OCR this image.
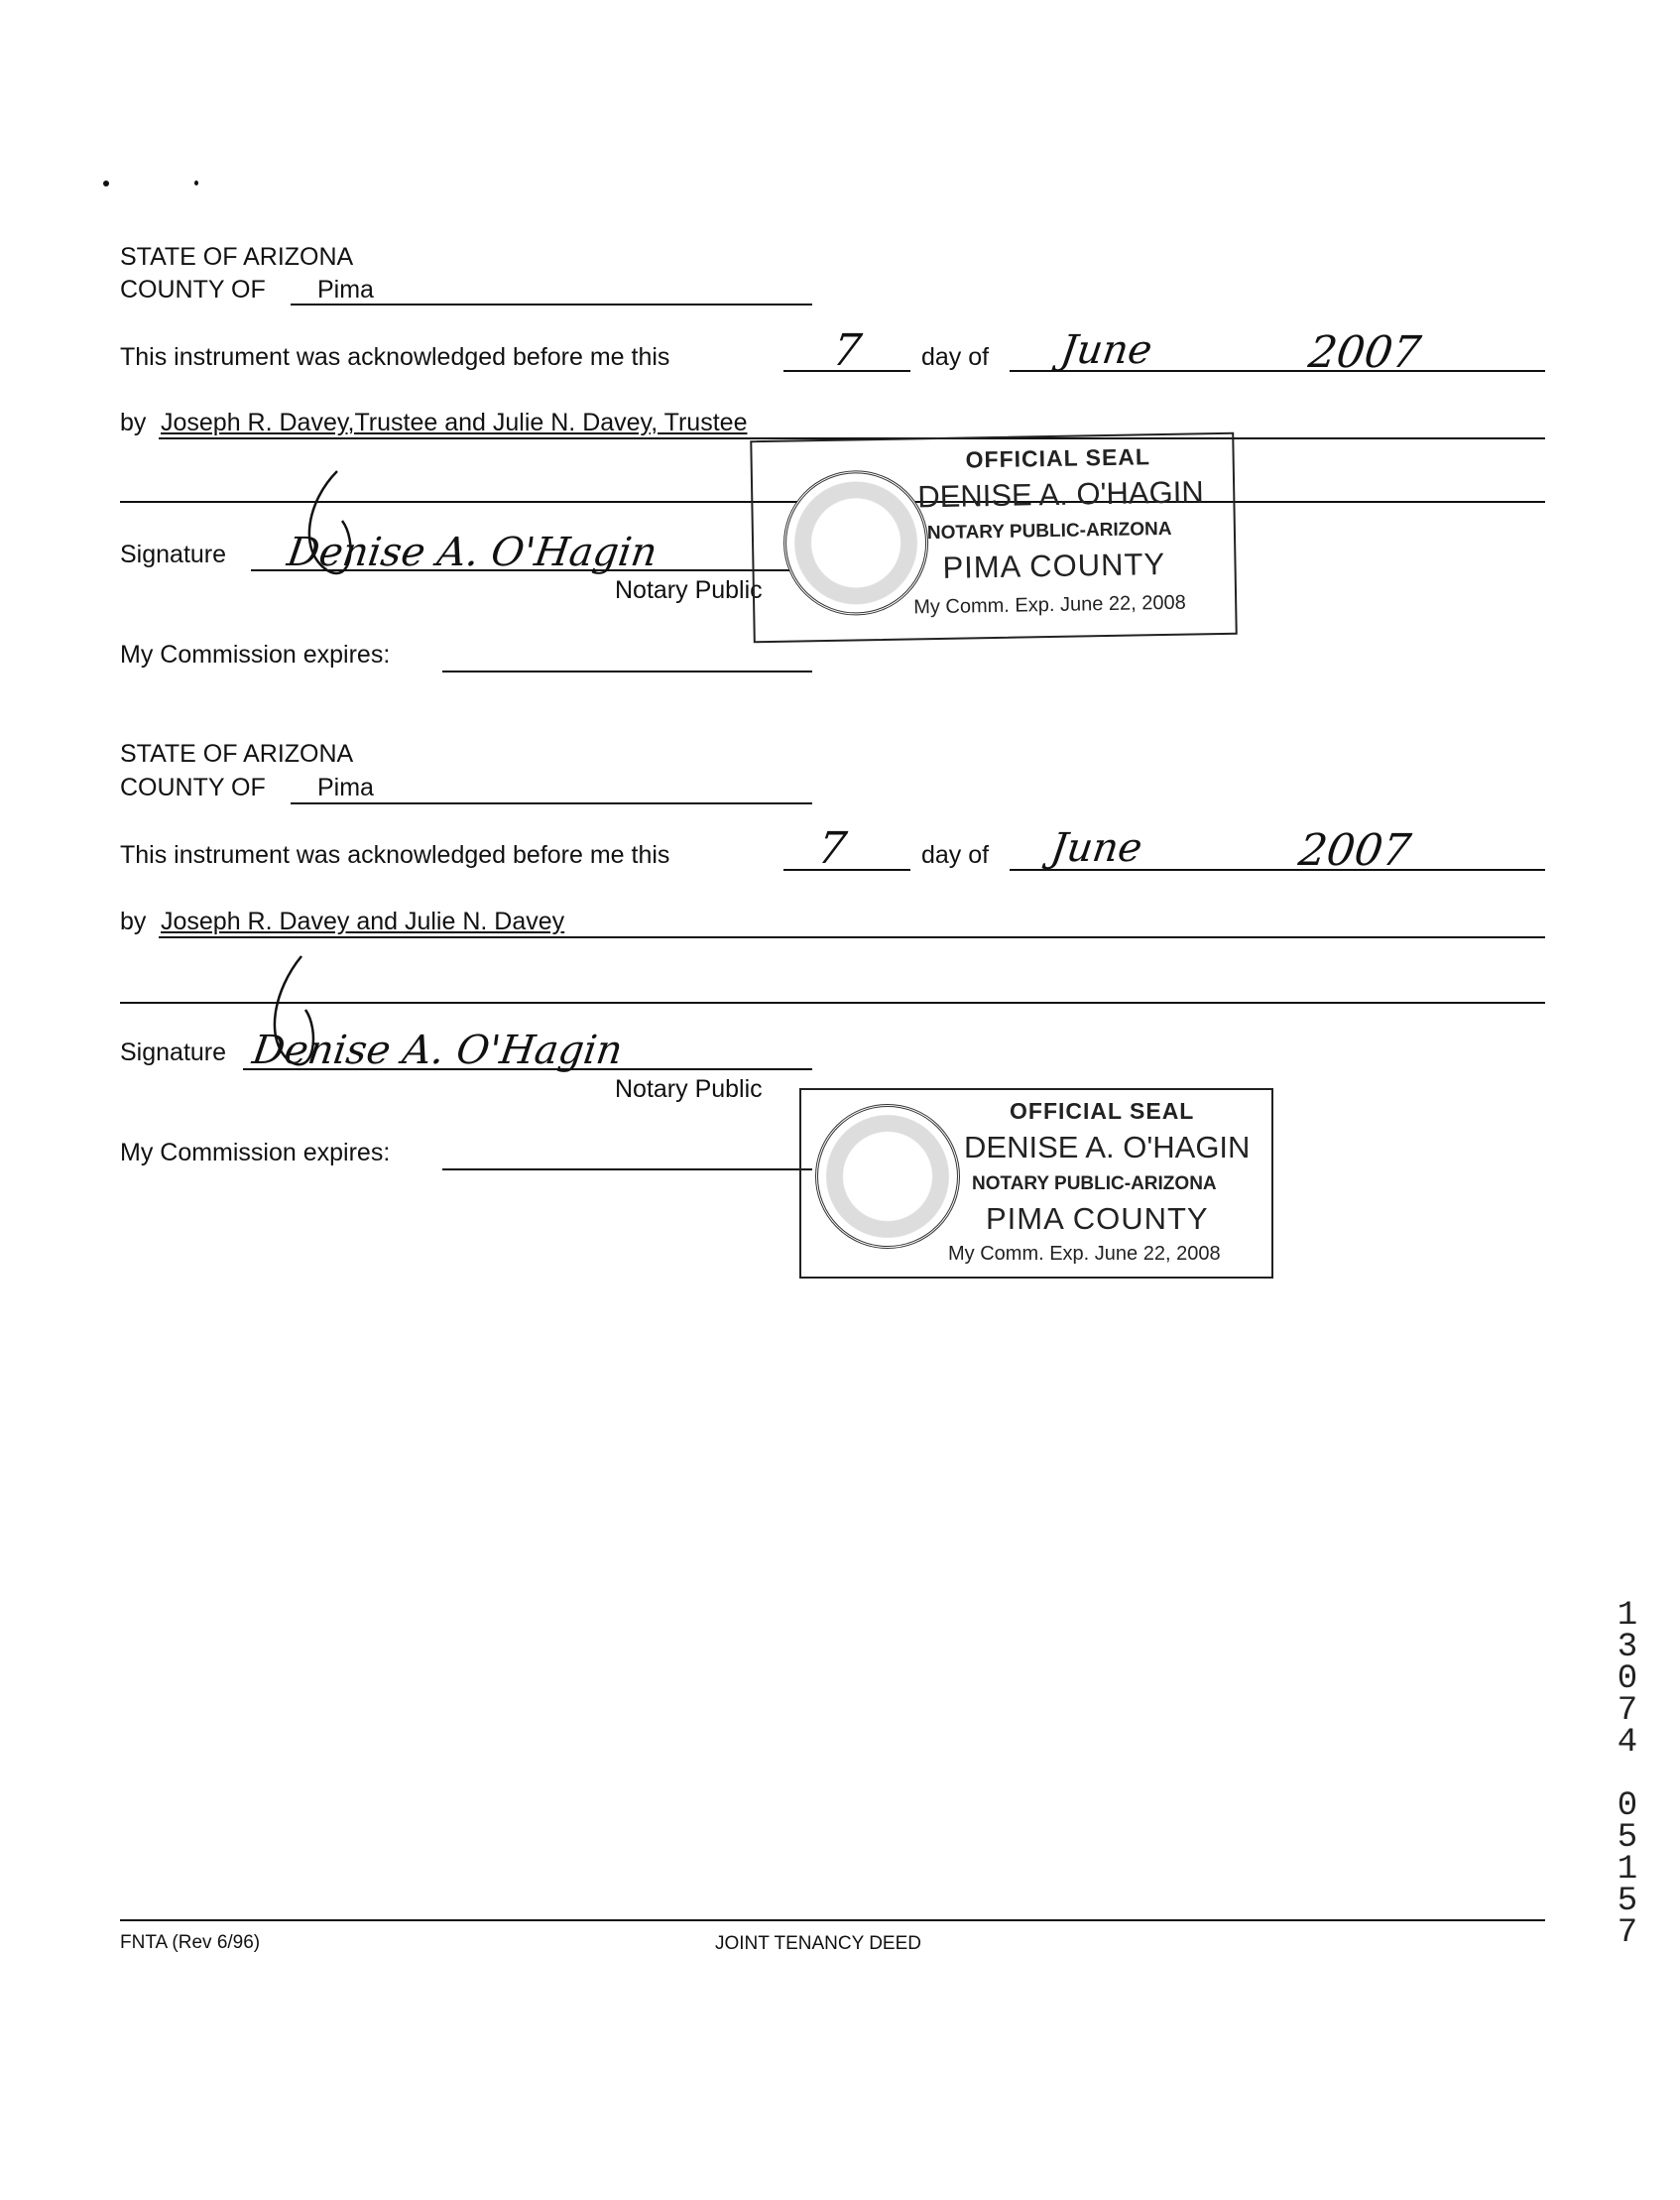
STATE OF ARIZONA
COUNTY OF Pima
This instrument was acknowledged before me this	7 day of June	2007
by Joseph R. Davey,Trustee and Julie N. Davey, Trustee
Signature Denise A. O'Hagin
Notary Public
My Commission expires:
OFFICIAL SEAL
DENISE A. O'HAGIN
NOTARY PUBLIC-ARIZONA
PIMA COUNTY
My Comm. Exp. June 22, 2008
STATE OF ARIZONA
COUNTY OF Pima
This instrument was acknowledged before me this	7	day of June	2007
by Joseph R. Davey and Julie N. Davey
Signature Denise A. O'Hagin
Notary Public
My Commission expires:
OFFICIAL SEAL
DENISE A. O'HAGIN
NOTARY PUBLIC-ARIZONA
PIMA COUNTY
My Comm. Exp. June 22, 2008
13074 05157
FNTA (Rev 6/96)	JOINT TENANCY DEED
